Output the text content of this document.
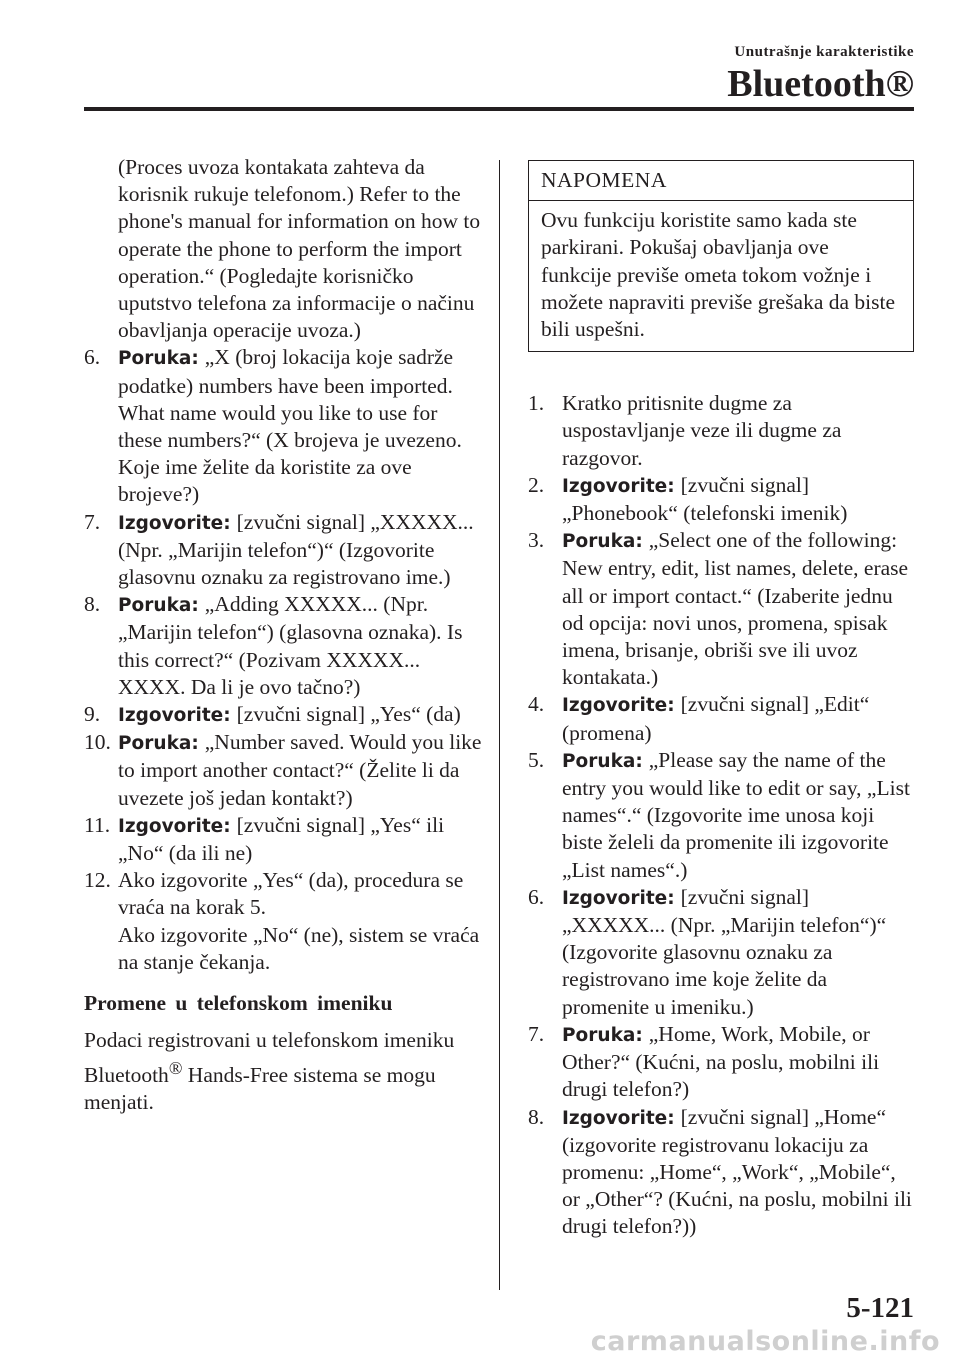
Unutrašnje karakteristike
Bluetooth®
(Proces uvoza kontakata zahteva da korisnik rukuje telefonom.) Refer to the phone's manual for information on how to operate the phone to perform the import operation.“ (Pogledajte korisničko uputstvo telefona za informacije o načinu obavljanja operacije uvoza.)
6. Poruka: „X (broj lokacija koje sadrže podatke) numbers have been imported. What name would you like to use for these numbers?“ (X brojeva je uvezeno. Koje ime želite da koristite za ove brojeve?)
7. Izgovorite: [zvučni signal] „XXXXX... (Npr. „Marijin telefon“)“ (Izgovorite glasovnu oznaku za registrovano ime.)
8. Poruka: „Adding XXXXX... (Npr. „Marijin telefon“) (glasovna oznaka). Is this correct?“ (Pozivam XXXXX... XXXX. Da li je ovo tačno?)
9. Izgovorite: [zvučni signal] „Yes“ (da)
10. Poruka: „Number saved. Would you like to import another contact?“ (Želite li da uvezete još jedan kontakt?)
11. Izgovorite: [zvučni signal] „Yes“ ili „No“ (da ili ne)
12. Ako izgovorite „Yes“ (da), procedura se vraća na korak 5.
Ako izgovorite „No“ (ne), sistem se vraća na stanje čekanja.
Promene u telefonskom imeniku
Podaci registrovani u telefonskom imeniku Bluetooth® Hands-Free sistema se mogu menjati.
NAPOMENA
Ovu funkciju koristite samo kada ste parkirani. Pokušaj obavljanja ove funkcije previše ometa tokom vožnje i možete napraviti previše grešaka da biste bili uspešni.
1. Kratko pritisnite dugme za uspostavljanje veze ili dugme za razgovor.
2. Izgovorite: [zvučni signal] „Phonebook“ (telefonski imenik)
3. Poruka: „Select one of the following: New entry, edit, list names, delete, erase all or import contact.“ (Izaberite jednu od opcija: novi unos, promena, spisak imena, brisanje, obriši sve ili uvoz kontakata.)
4. Izgovorite: [zvučni signal] „Edit“ (promena)
5. Poruka: „Please say the name of the entry you would like to edit or say, „List names“.“ (Izgovorite ime unosa koji biste želeli da promenite ili izgovorite „List names“.)
6. Izgovorite: [zvučni signal] „XXXXX... (Npr. „Marijin telefon“)“ (Izgovorite glasovnu oznaku za registrovano ime koje želite da promenite u imeniku.)
7. Poruka: „Home, Work, Mobile, or Other?“ (Kućni, na poslu, mobilni ili drugi telefon?)
8. Izgovorite: [zvučni signal] „Home“ (izgovorite registrovanu lokaciju za promenu: „Home“, „Work“, „Mobile“, or „Other“? (Kućni, na poslu, mobilni ili drugi telefon?))
5-121
carmanualsonline.info
